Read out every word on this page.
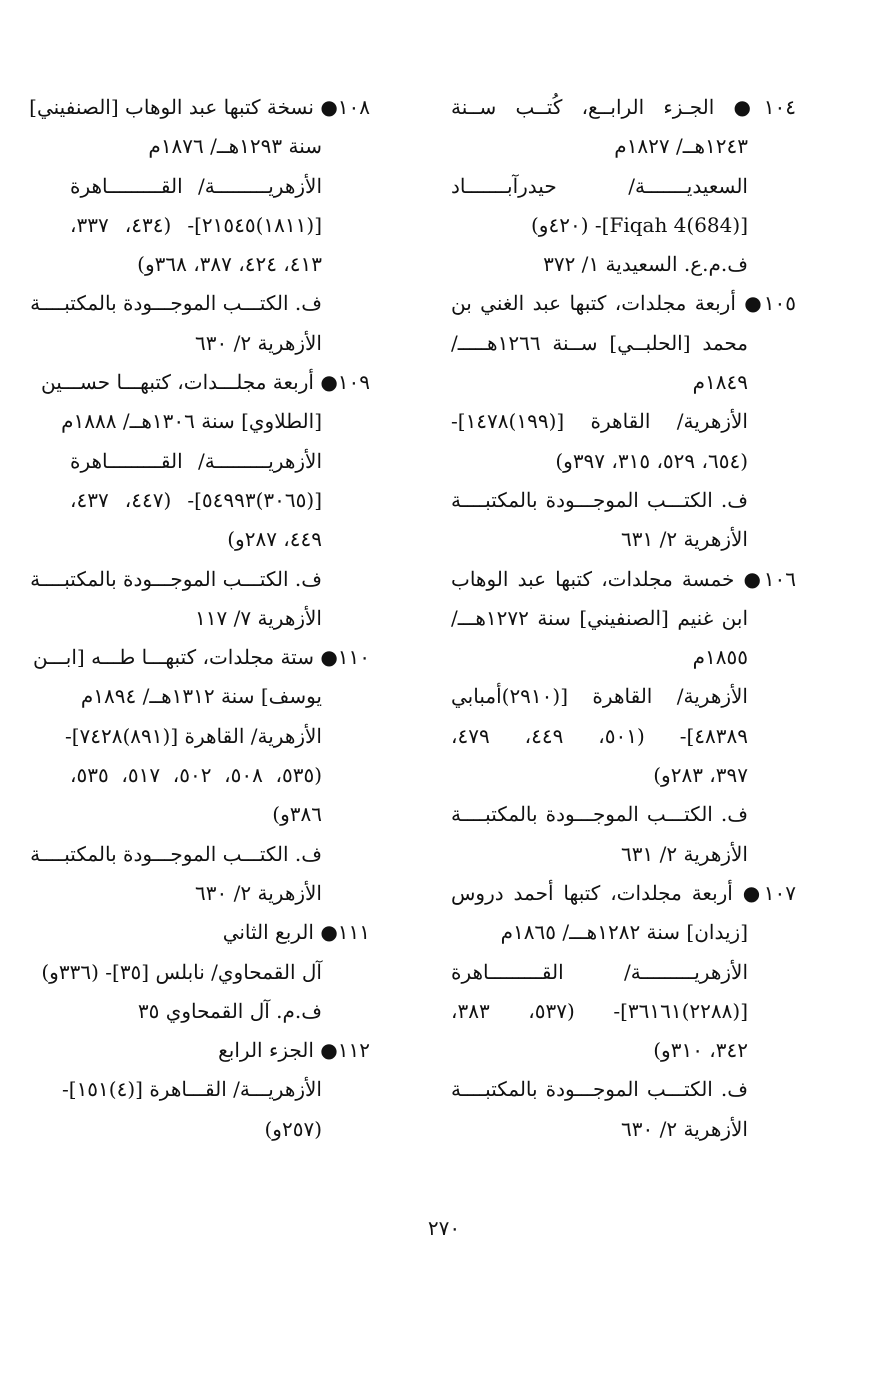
١٠٤● الجـزء الرابــع، كُتــب ســنة
١٢٤٣هــ/ ١٨٢٧م
السعيديـــــــة/ حيدرآبـــــــاد
[Fiqah 4(684)]- (٤٢٠و)
ف.م.ع. السعيدية ١/ ٣٧٢
١٠٥● أربعة مجلدات، كتبها عبد الغني بن
محمد [الحلبــي] ســنة ١٢٦٦هـــــ/
١٨٤٩م
الأزهرية/ القاهرة [(١٩٩)١٤٧٨]-
(٦٥٤، ٥٢٩، ٣١٥، ٣٩٧و)
ف. الكتـــب الموجـــودة بالمكتبــــة
الأزهرية ٢/ ٦٣١
١٠٦● خمسة مجلدات، كتبها عبد الوهاب
ابن غنيم [الصنفيني] سنة ١٢٧٢هـــ/
١٨٥٥م
الأزهرية/ القاهرة [(٢٩١٠)أمبابي
٤٨٣٨٩]- (٥٠١، ٤٤٩، ٤٧٩،
٣٩٧، ٢٨٣و)
ف. الكتـــب الموجـــودة بالمكتبــــة
الأزهرية ٢/ ٦٣١
١٠٧● أربعة مجلدات، كتبها أحمد دروس
[زيدان] سنة ١٢٨٢هـــ/ ١٨٦٥م
الأزهريـــــــــة/ القـــــــــاهرة
[(٢٢٨٨)٣٦١٦١]- (٥٣٧، ٣٨٣،
٣٤٢، ٣١٠و)
ف. الكتـــب الموجـــودة بالمكتبــــة
الأزهرية ٢/ ٦٣٠
١٠٨● نسخة كتبها عبد الوهاب [الصنفيني]
سنة ١٢٩٣هــ/ ١٨٧٦م
الأزهريـــــــــة/ القـــــــــاهرة
[(١٨١١)٢١٥٤٥]- (٤٣٤، ٣٣٧،
٤١٣، ٤٢٤، ٣٨٧، ٣٦٨و)
ف. الكتـــب الموجـــودة بالمكتبــــة
الأزهرية ٢/ ٦٣٠
١٠٩● أربعة مجلـــدات، كتبهـــا حســـين
[الطلاوي] سنة ١٣٠٦هــ/ ١٨٨٨م
الأزهريـــــــــة/ القـــــــــاهرة
[(٣٠٦٥)٥٤٩٩٣]- (٤٤٧، ٤٣٧،
٤٤٩، ٢٨٧و)
ف. الكتـــب الموجـــودة بالمكتبــــة
الأزهرية ٧/ ١١٧
١١٠● ستة مجلدات، كتبهـــا طـــه [ابـــن
يوسف] سنة ١٣١٢هــ/ ١٨٩٤م
الأزهرية/ القاهرة [(٨٩١)٧٤٢٨]-
(٥٣٥، ٥٠٨، ٥٠٢، ٥١٧، ٥٣٥،
٣٨٦و)
ف. الكتـــب الموجـــودة بالمكتبــــة
الأزهرية ٢/ ٦٣٠
١١١● الربع الثاني
آل القمحاوي/ نابلس [٣٥]- (٣٣٦و)
ف.م. آل القمحاوي ٣٥
١١٢● الجزء الرابع
الأزهريـــة/ القـــاهرة [(٤)١٥١]-
(٢٥٧و)
٢٧٠
